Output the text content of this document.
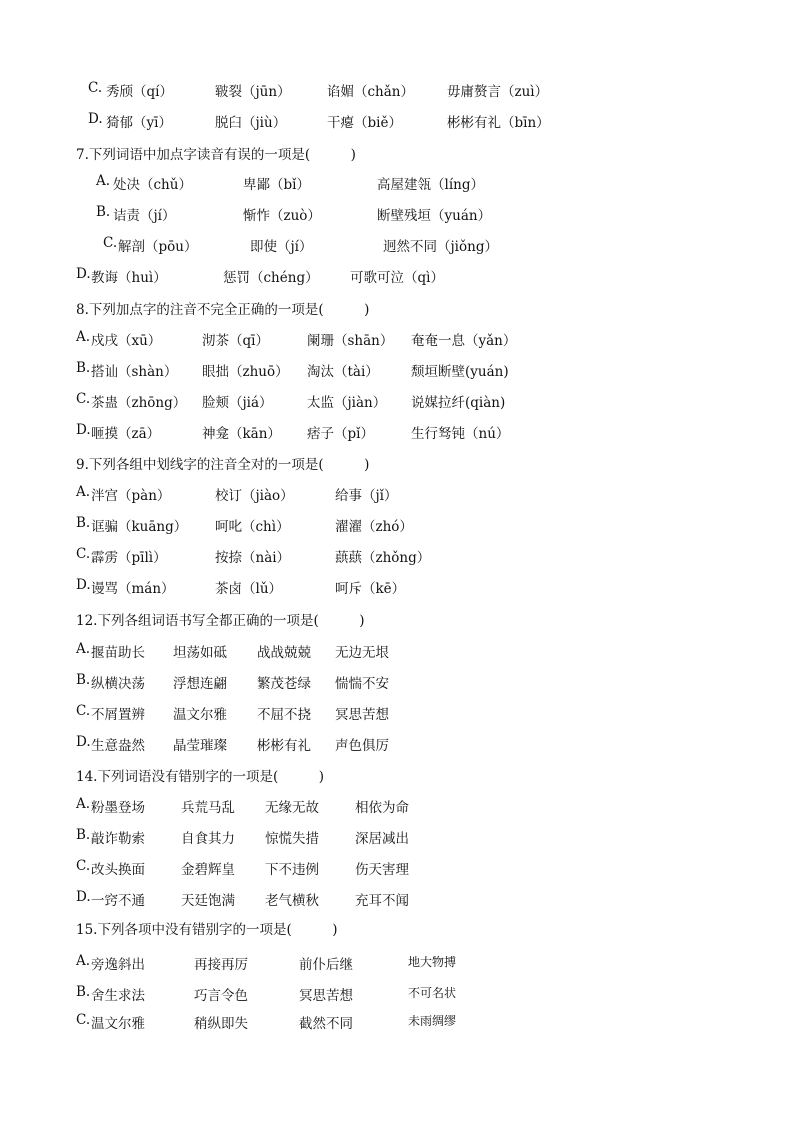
C. 秀颀（qí）	皲裂（jūn）	谄媚（chǎn） 毋庸赘言（zuì）
D. 猗郁（yī）	脱臼（jiù）	干瘪（biě）	彬彬有礼（bīn）
7.下列词语中加点字读音有误的一项是(　　　)
A. 处决（chǔ）	卑鄙（bǐ）	高屋建瓴（líng）
B. 诘责（jí）	惭怍（zuò）	断壁残垣（yuán）
C. 解剖（pōu）	即使（jí）	迥然不同（jiǒng）
D. 教诲（huì）	惩罚（chéng） 可歌可泣（qì）
8.下列加点字的注音不完全正确的一项是(　　　)
A. 戍戌（xū）	沏茶（qī）	阑珊（shān） 奄奄一息（yǎn）
B. 搭讪（shàn） 眼拙（zhuō） 淘汰（tài） 颓垣断壁(yuán)
C. 茶蛊（zhōng） 脸颊（jiá）	太监（jiàn） 说媒拉纤(qiàn)
D. 咂摸（zā）	神龛（kān） 痞子（pǐ）	生行驽钝（nú）
9.下列各组中划线字的注音全对的一项是(　　　)
A. 泮宫（pàn）	校订（jiào）	给事（jǐ）
B. 诓骗（kuāng） 呵叱（chì）	濯濯（zhó）
C. 霹雳（pīlì）	按捺（nài）	蕻蕻（zhǒng）
D. 谩骂（mán）	茶卤（lǔ）	呵斥（kē）
12.下列各组词语书写全都正确的一项是(　　　)
A. 揠苗助长 坦荡如砥 战战兢兢 无边无垠
B. 纵横决荡 浮想连翩 繁茂苍绿 惴惴不安
C. 不屑置辨 温文尔雅 不屈不挠 冥思苦想
D. 生意盎然 晶莹璀璨 彬彬有礼 声色俱厉
14.下列词语没有错别字的一项是(　　　)
A. 粉墨登场	兵荒马乱 无缘无故	相依为命
B. 敲诈勒索	自食其力 惊慌失措	深居减出
C. 改头换面	金碧辉皇 下不违例	伤天害理
D. 一窍不通	天廷饱满 老气横秋	充耳不闻
15.下列各项中没有错别字的一项是(　　　)
A. 旁逸斜出	再接再厉	前仆后继	地大物搏
B. 舍生求法	巧言令色	冥思苦想	不可名状
C. 温文尔雅	稍纵即失	截然不同	未雨绸缪
